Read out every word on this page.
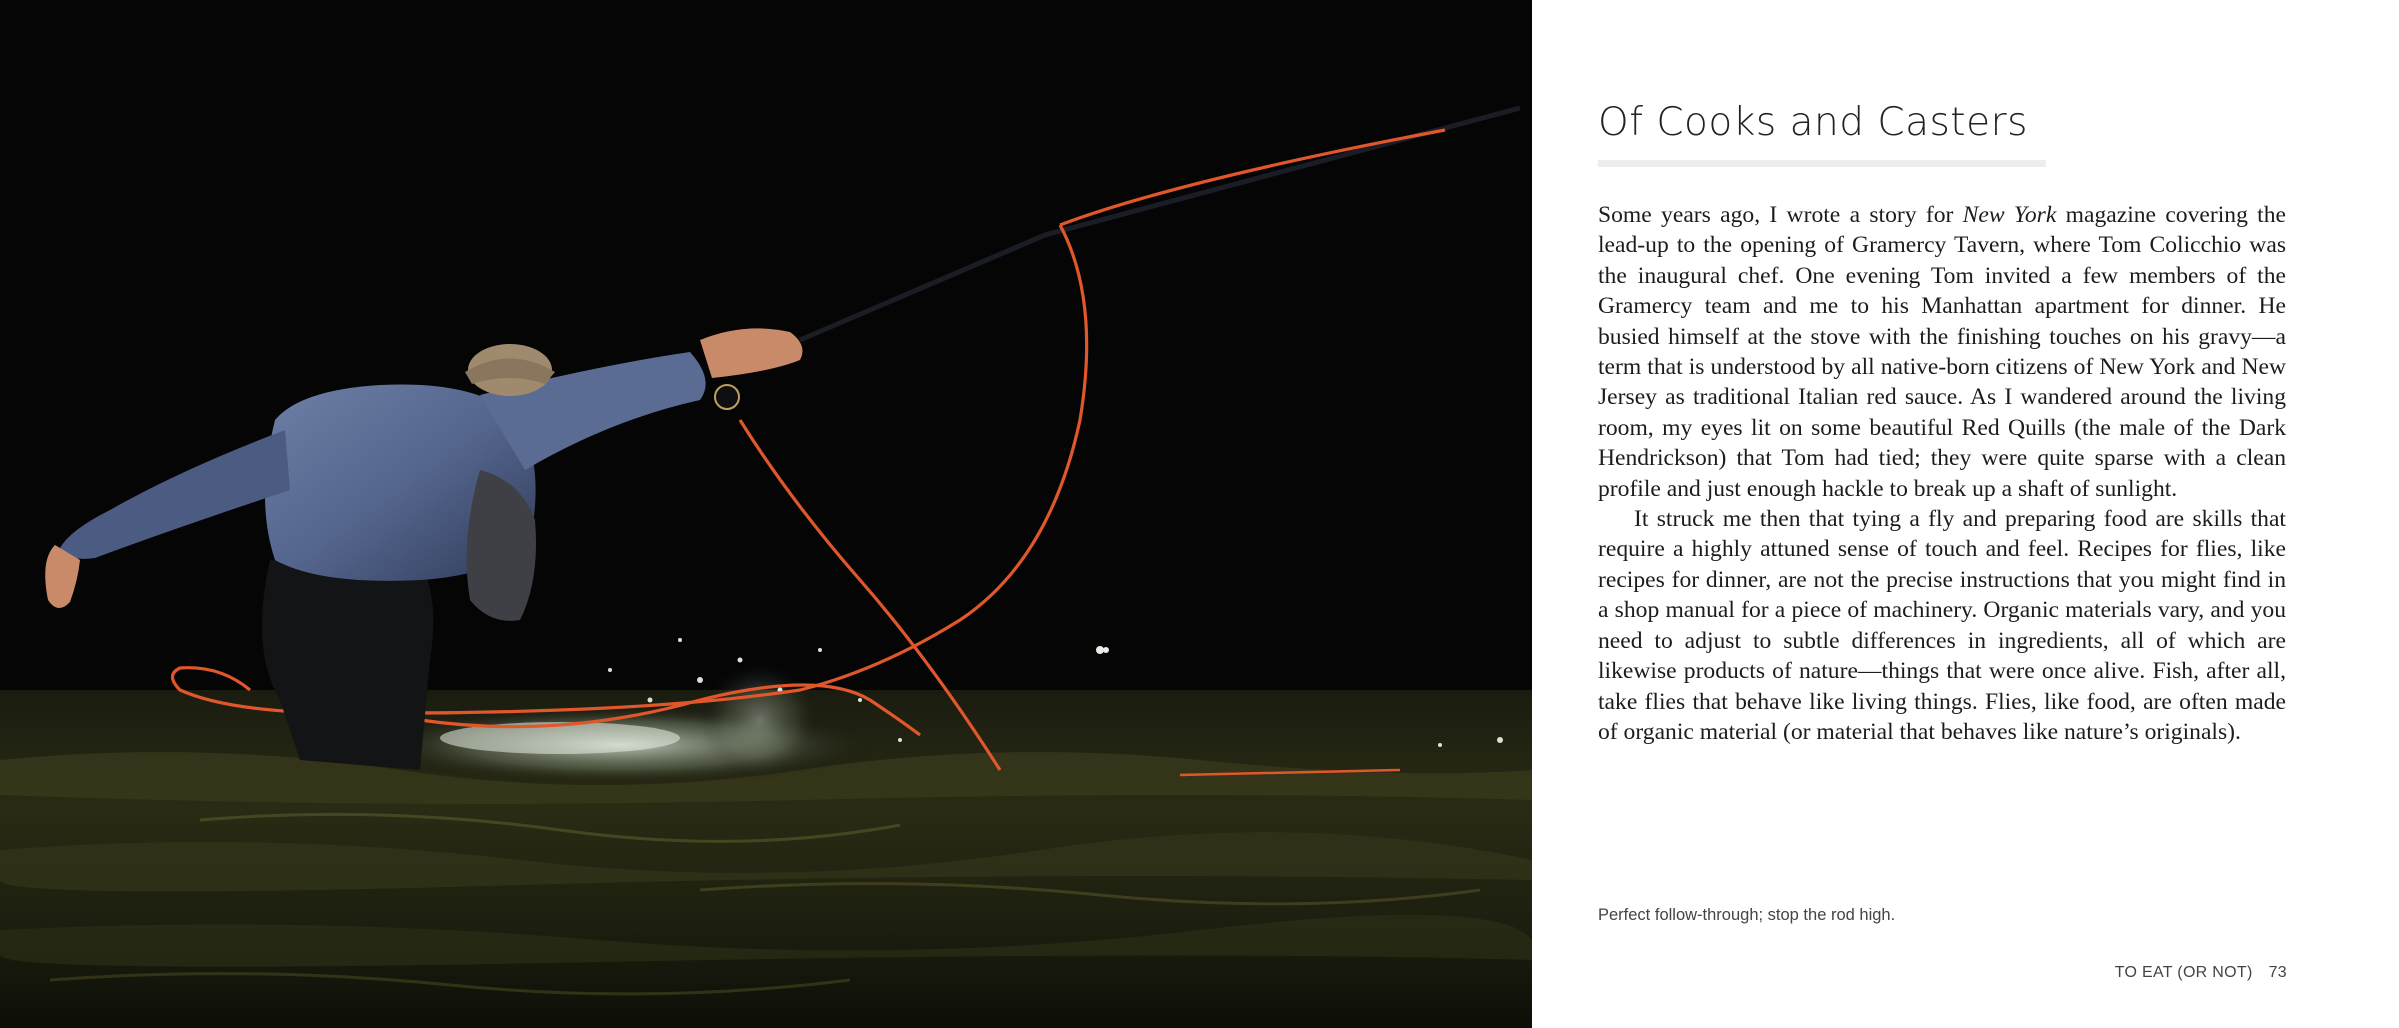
Of Cooks and Casters

Some years ago, I wrote a story for New York magazine covering the lead-up to the opening of Gramercy Tavern, where Tom Colicchio was the inaugural chef. One evening Tom invited a few members of the Gramercy team and me to his Manhattan apartment for dinner. He busied himself at the stove with the finishing touches on his gravy—a term that is understood by all native-born citizens of New York and New Jersey as traditional Italian red sauce. As I wandered around the living room, my eyes lit on some beautiful Red Quills (the male of the Dark Hendrickson) that Tom had tied; they were quite sparse with a clean profile and just enough hackle to break up a shaft of sunlight.

It struck me then that tying a fly and preparing food are skills that require a highly attuned sense of touch and feel. Recipes for flies, like recipes for dinner, are not the precise instructions that you might find in a shop manual for a piece of machinery. Organic materials vary, and you need to adjust to subtle differences in ingredients, all of which are likewise products of nature—things that were once alive. Fish, after all, take flies that behave like living things. Flies, like food, are often made of organic material (or material that behaves like nature’s originals).

Perfect follow-through; stop the rod high.
TO EAT (OR NOT) 73
